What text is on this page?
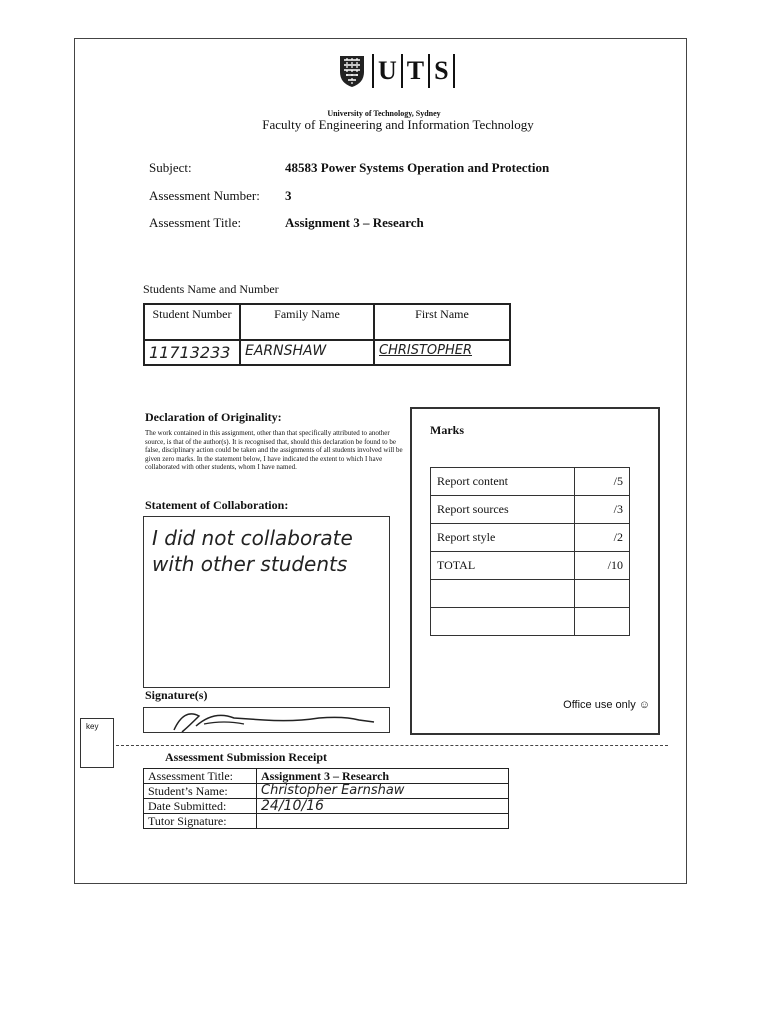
U T S
University of Technology, Sydney
Faculty of Engineering and Information Technology
Subject:	48583 Power Systems Operation and Protection
Assessment Number: 3
Assessment Title:	Assignment 3 – Research
Students Name and Number
Student Number	Family Name	First Name
11713233	EARNSHAW	CHRISTOPHER
Declaration of Originality:
The work contained in this assignment, other than that specifically attributed to another source, is that of the author(s). It is recognised that, should this declaration be found to be false, disciplinary action could be taken and the assignments of all students involved will be given zero marks. In the statement below, I have indicated the extent to which I have collaborated with other students, whom I have named.
Statement of Collaboration:
I did not collaborate
with other students
Signature(s)
Marks
Report content	/5
Report sources	/3
Report style	/2
TOTAL	/10

Office use only ☺
key
Assessment Submission Receipt
Assessment Title:	Assignment 3 – Research
Student’s Name:	Christopher Earnshaw
Date Submitted:	24/10/16
Tutor Signature:	
